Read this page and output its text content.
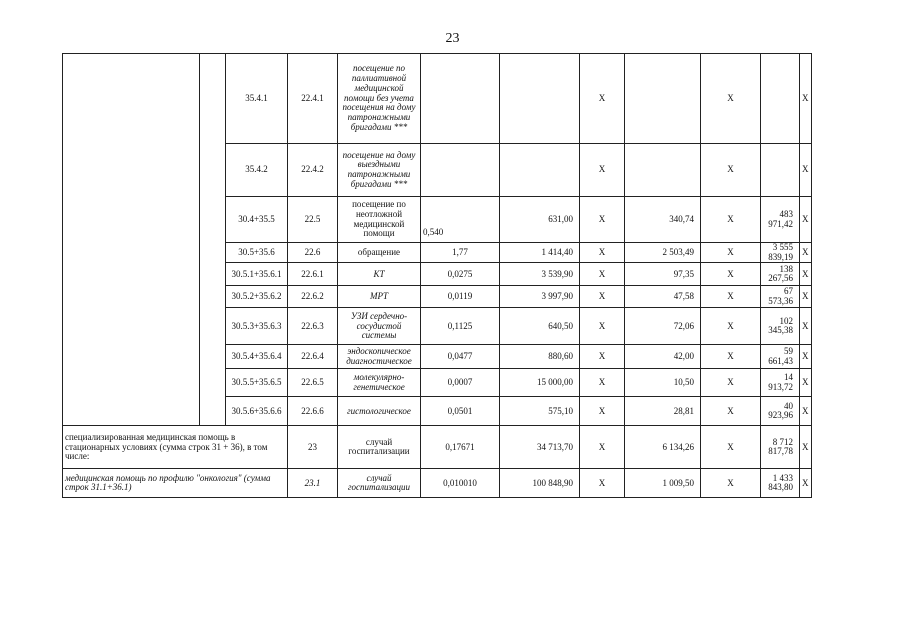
23
		35.4.1	22.4.1	посещение по паллиативной медицинской помощи без учета посещения на дому патронажными бригадами ***			X		X		X
		35.4.2	22.4.2	посещение на дому выездными патронажными бригадами ***			X		X		X
		30.4+35.5	22.5	посещение по неотложной медицинской помощи	0,540	631,00	X	340,74	X	483 971,42	X
		30.5+35.6	22.6	обращение	1,77	1 414,40	X	2 503,49	X	3 555 839,19	X
		30.5.1+35.6.1	22.6.1	КТ	0,0275	3 539,90	X	97,35	X	138 267,56	X
		30.5.2+35.6.2	22.6.2	МРТ	0,0119	3 997,90	X	47,58	X	67 573,36	X
		30.5.3+35.6.3	22.6.3	УЗИ сердечно-сосудистой системы	0,1125	640,50	X	72,06	X	102 345,38	X
		30.5.4+35.6.4	22.6.4	эндоскопическое диагностическое	0,0477	880,60	X	42,00	X	59 661,43	X
		30.5.5+35.6.5	22.6.5	молекулярно-генетическое	0,0007	15 000,00	X	10,50	X	14 913,72	X
		30.5.6+35.6.6	22.6.6	гистологическое	0,0501	575,10	X	28,81	X	40 923,96	X
специализированная медицинская помощь в стационарных условиях (сумма строк 31 + 36), в том числе:			23	случай госпитализации	0,17671	34 713,70	X	6 134,26	X	8 712 817,78	X
медицинская помощь по профилю "онкология" (сумма строк 31.1+36.1)			23.1	случай госпитализации	0,010010	100 848,90	X	1 009,50	X	1 433 843,80	X
